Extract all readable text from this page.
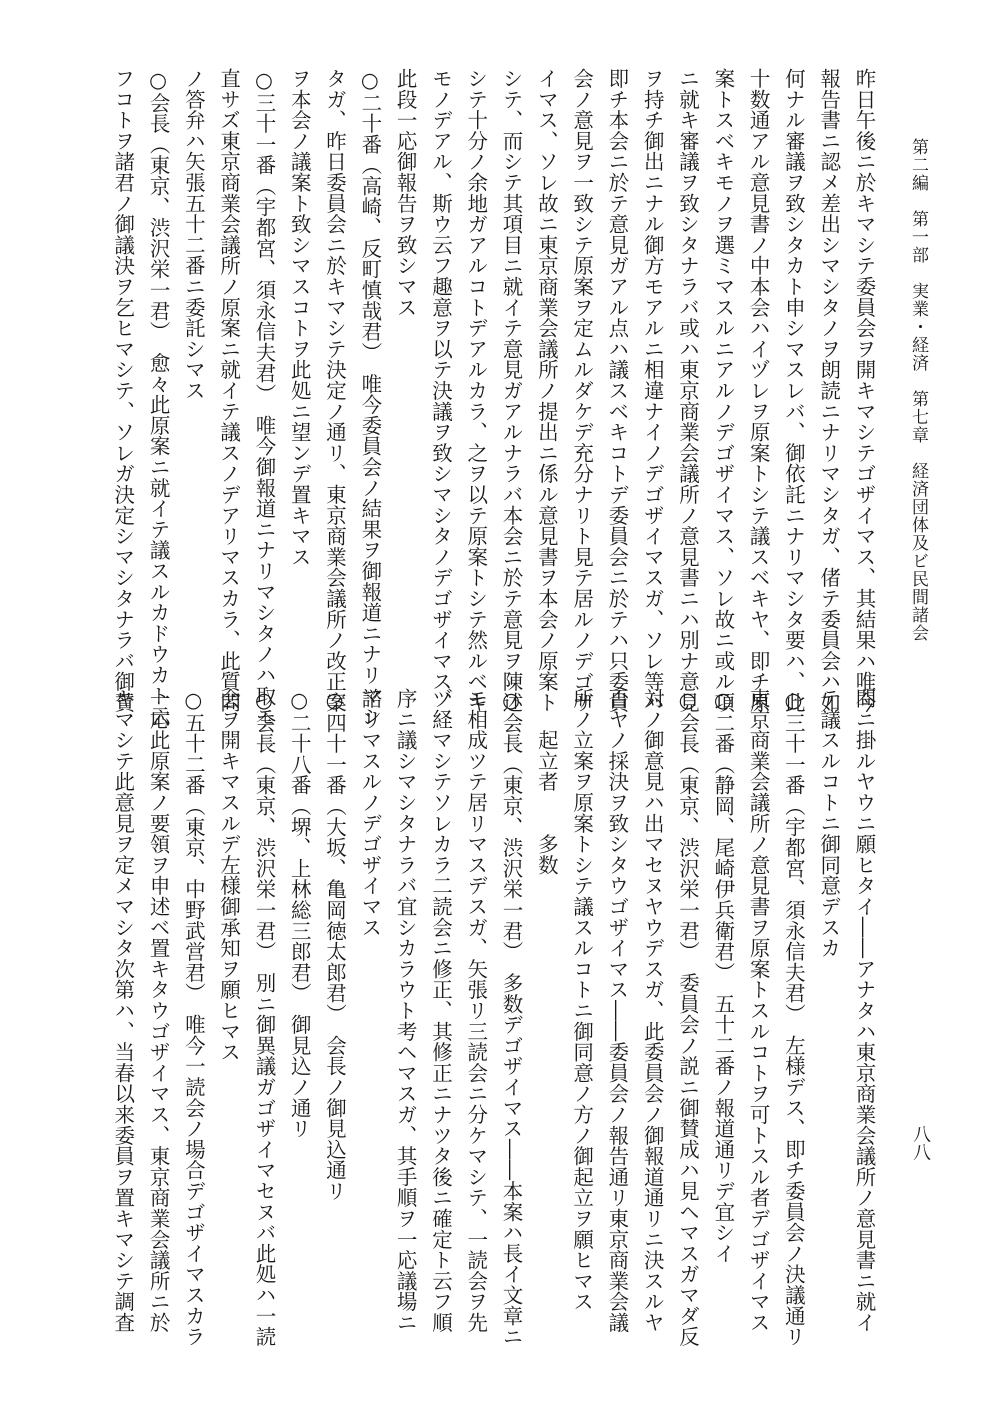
第二編　第一部　実業・経済　第七章　経済団体及ビ民間諸会
昨日午後ニ於キマシテ委員会ヲ開キマシテゴザイマス、其結果ハ唯今
報告書ニ認メ差出シマシタノヲ朗読ニナリマシタガ、偖テ委員会ハ如
何ナル審議ヲ致シタカト申シマスレバ、御依託ニナリマシタ要ハ、此
十数通アル意見書ノ中本会ハイヅレヲ原案トシテ議スベキヤ、即チ原
案トスベキモノヲ選ミマスルニアルノデゴザイマス、ソレ故ニ或ル項
ニ就キ審議ヲ致シタナラバ或ハ東京商業会議所ノ意見書ニハ別ナ意見
ヲ持チ御出ニナル御方モアルニ相違ナイノデゴザイマスガ、ソレ等ハ
即チ本会ニ於テ意見ガアル点ハ議スベキコトデ委員会ニ於テハ只委員
会ノ意見ヲ一致シテ原案ヲ定ムルダケデ充分ナリト見テ居ルノデゴザ
イマス、ソレ故ニ東京商業会議所ノ提出ニ係ル意見書ヲ本会ノ原案ト
シテ、而シテ其項目ニ就イテ意見ガアルナラバ本会ニ於テ意見ヲ陳述
シテ十分ノ余地ガアルコトデアルカラ、之ヲ以テ原案トシテ然ルベキ
モノデアル、斯ウ云フ趣意ヲ以テ決議ヲ致シマシタノデゴザイマス、
此段一応御報告ヲ致シマス
○二十番（高崎、反町慎哉君）　唯今委員会ノ結果ヲ御報道ニナリマシ
タガ、昨日委員会ニ於キマシテ決定ノ通リ、東京商業会議所ノ改正案
ヲ本会ノ議案ト致シマスコトヲ此処ニ望ンデ置キマス
○三十一番（宇都宮、須永信夫君）　唯今御報道ニナリマシタノハ取モ
直サズ東京商業会議所ノ原案ニ就イテ議スノデアリマスカラ、此質問
ノ答弁ハ矢張五十二番ニ委託シマス
○会長（東京、渋沢栄一君）　愈々此原案ニ就イテ議スルカドウカト云
フコトヲ諸君ノ御議決ヲ乞ヒマシテ、ソレガ決定シマシタナラバ御賛
問ニ掛ルヤウニ願ヒタイ――アナタハ東京商業会議所ノ意見書ニ就イ
テ議スルコトニ御同意デスカ
○三十一番（宇都宮、須永信夫君）　左様デス、即チ委員会ノ決議通リ
東京商業会議所ノ意見書ヲ原案トスルコトヲ可トスル者デゴザイマス
○二番（静岡、尾崎伊兵衛君）　五十二番ノ報道通リデ宜シイ
○会長（東京、渋沢栄一君）　委員会ノ説ニ御賛成ハ見ヘマスガマダ反
対ノ御意見ハ出マセヌヤウデスガ、此委員会ノ御報道通リニ決スルヤ
否ヤノ採決ヲ致シタウゴザイマス――委員会ノ報告通リ東京商業会議
所ノ立案ヲ原案トシテ議スルコトニ御同意ノ方ノ御起立ヲ願ヒマス
　　起立者　　多数
○会長（東京、渋沢栄一君）　多数デゴザイマス――本案ハ長イ文章ニ
モ相成ツテ居リマスデスガ、矢張リ三読会ニ分ケマシテ、一読会ヲ先
ヅ経マシテソレカラ二読会ニ修正、其修正ニナツタ後ニ確定ト云フ順
序ニ議シマシタナラバ宜シカラウト考ヘマスガ、其手順ヲ一応議場ニ
諮リマスルノデゴザイマス
○四十一番（大坂、亀岡徳太郎君）　会長ノ御見込通リ
○二十八番（堺、上林総三郎君）　御見込ノ通リ
○会長（東京、渋沢栄一君）　別ニ御異議ガゴザイマセヌバ此処ハ一読
会ヲ開キマスルデ左様御承知ヲ願ヒマス
○五十二番（東京、中野武営君）　唯今一読会ノ場合デゴザイマスカラ
一応此原案ノ要領ヲ申述ベ置キタウゴザイマス、東京商業会議所ニ於
キマシテ此意見ヲ定メマシタ次第ハ、当春以来委員ヲ置キマシテ調査	八八
